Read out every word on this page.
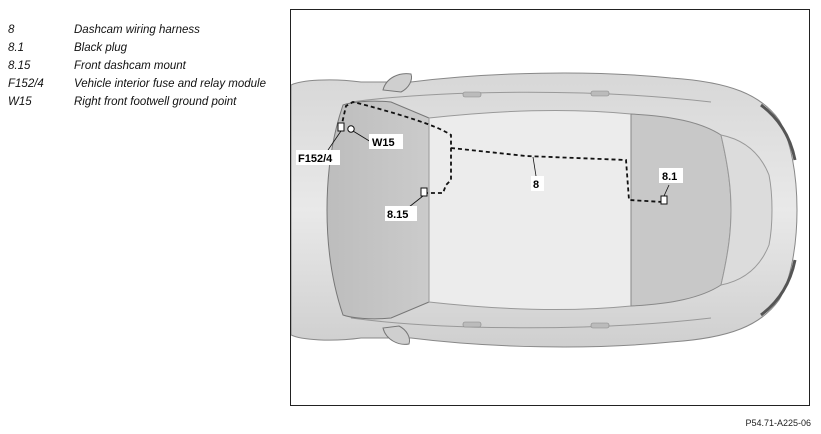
8	Dashcam wiring harness
8.1	Black plug
8.15	Front dashcam mount
F152/4	Vehicle interior fuse and relay module
W15	Right front footwell ground point
F152/4
W15
8.15
8.1
8
P54.71-A225-06
